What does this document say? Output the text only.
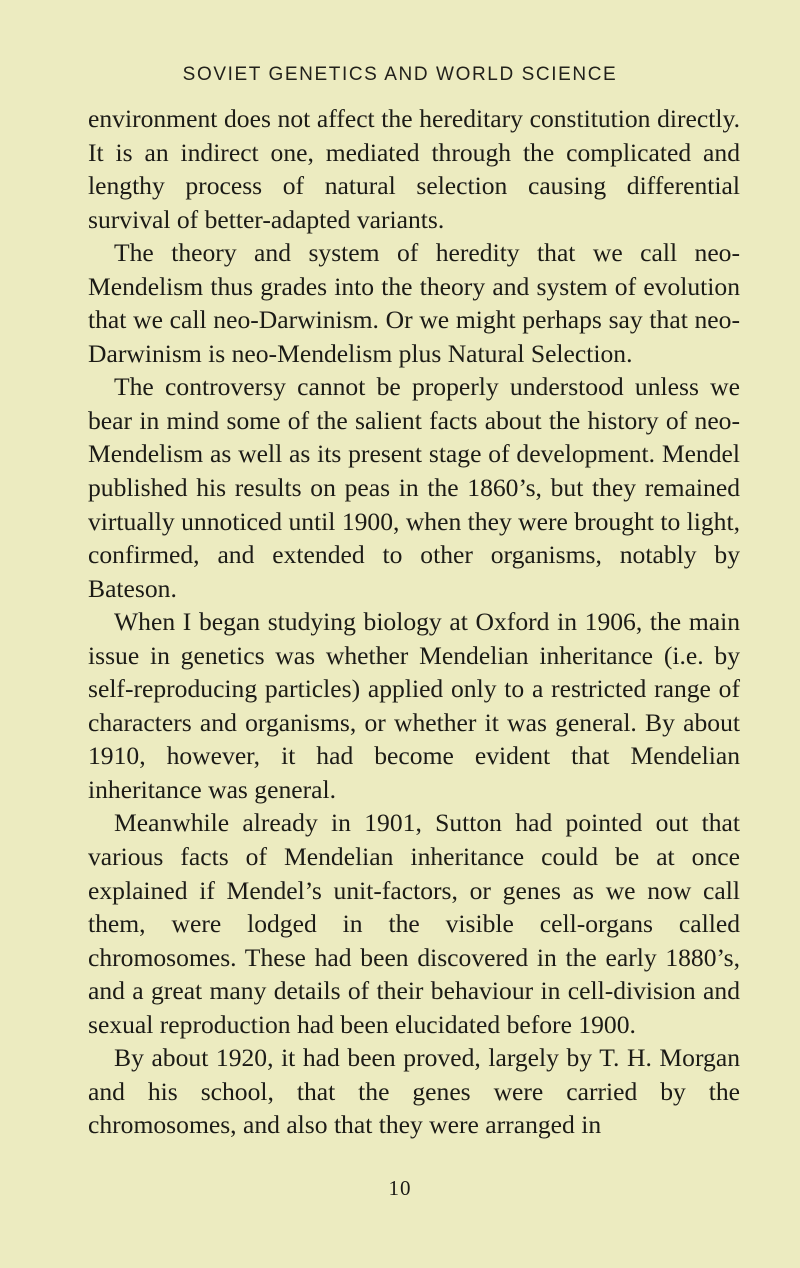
SOVIET GENETICS AND WORLD SCIENCE

environment does not affect the hereditary constitution directly. It is an indirect one, mediated through the complicated and lengthy process of natural selection causing differential survival of better-adapted variants.

The theory and system of heredity that we call neo-Mendelism thus grades into the theory and system of evolution that we call neo-Darwinism. Or we might perhaps say that neo-Darwinism is neo-Mendelism plus Natural Selection.

The controversy cannot be properly understood unless we bear in mind some of the salient facts about the history of neo-Mendelism as well as its present stage of development. Mendel published his results on peas in the 1860’s, but they remained virtually unnoticed until 1900, when they were brought to light, confirmed, and extended to other organisms, notably by Bateson.

When I began studying biology at Oxford in 1906, the main issue in genetics was whether Mendelian inheritance (i.e. by self-reproducing particles) applied only to a restricted range of characters and organisms, or whether it was general. By about 1910, however, it had become evident that Mendelian inheritance was general.

Meanwhile already in 1901, Sutton had pointed out that various facts of Mendelian inheritance could be at once explained if Mendel’s unit-factors, or genes as we now call them, were lodged in the visible cell-organs called chromosomes. These had been discovered in the early 1880’s, and a great many details of their behaviour in cell-division and sexual reproduction had been elucidated before 1900.

By about 1920, it had been proved, largely by T. H. Morgan and his school, that the genes were carried by the chromosomes, and also that they were arranged in

10
